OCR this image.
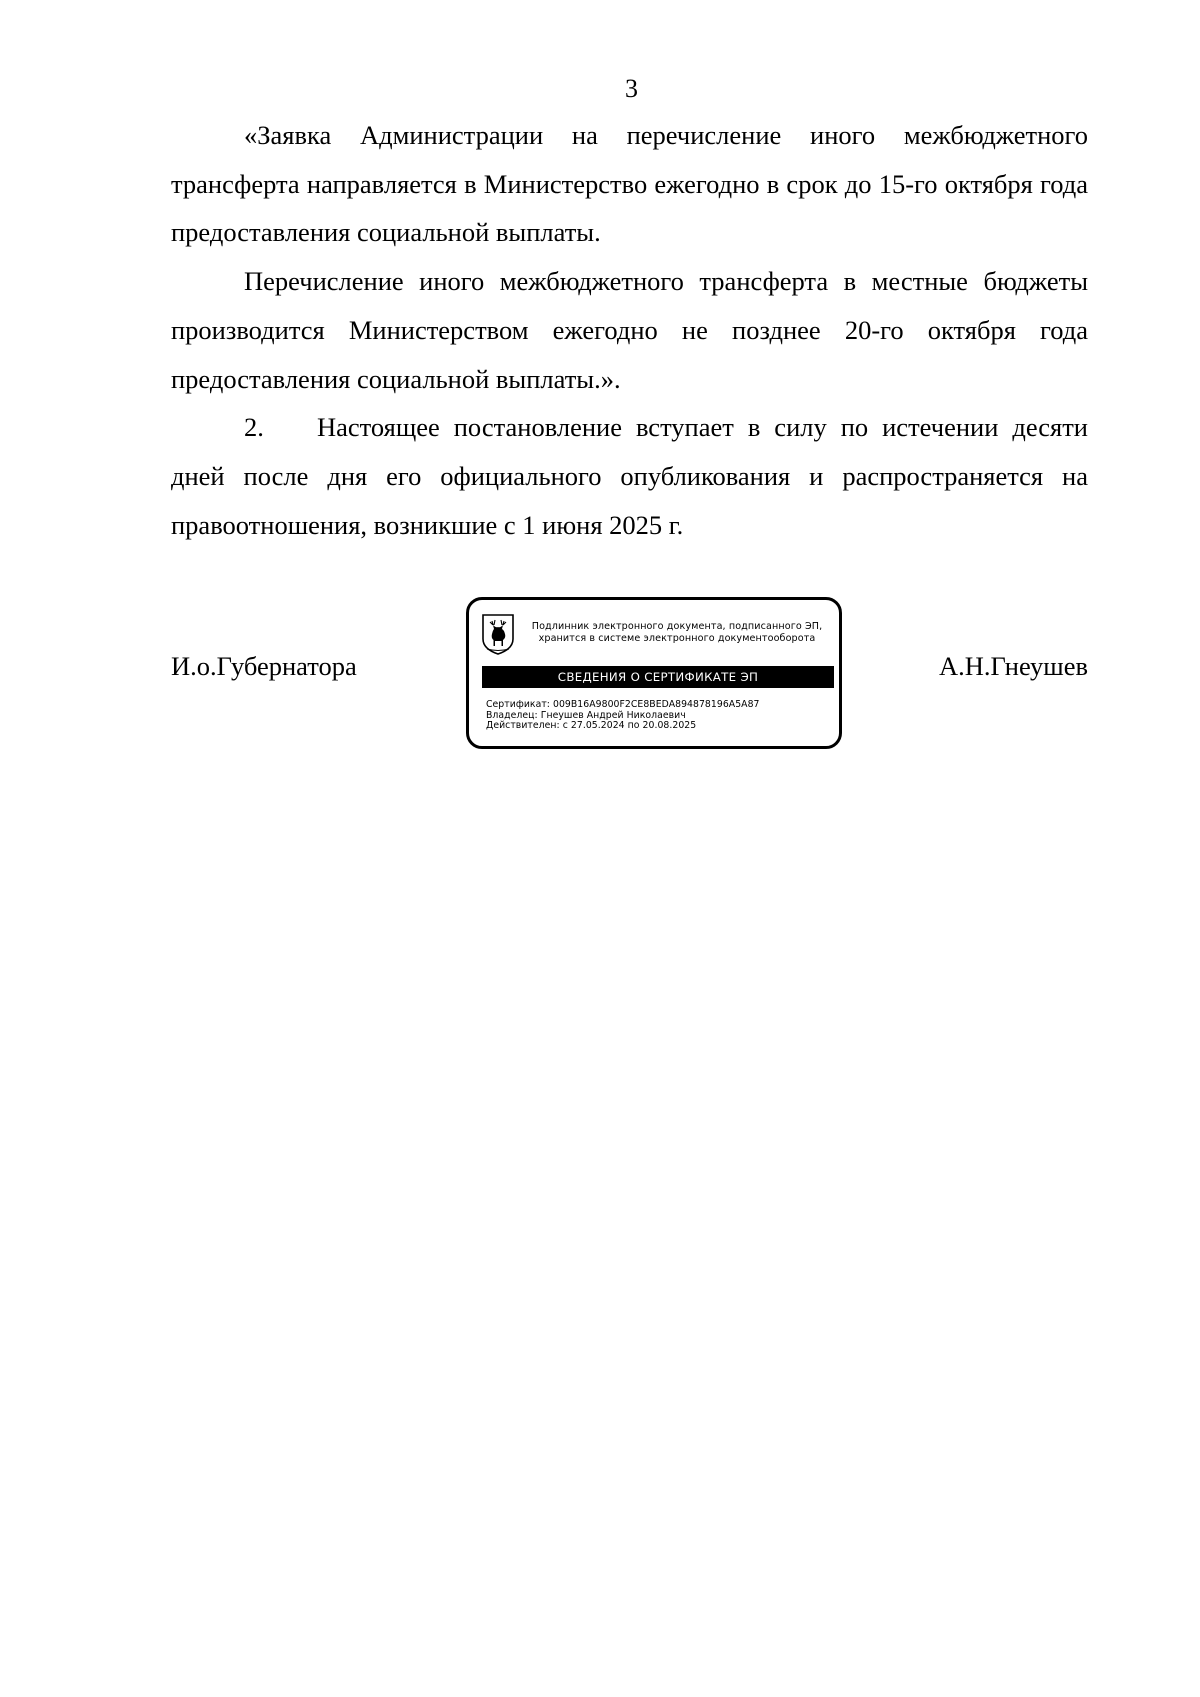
3

«Заявка Администрации на перечисление иного межбюджетного трансферта направляется в Министерство ежегодно в срок до 15-го октября года предоставления социальной выплаты.

Перечисление иного межбюджетного трансферта в местные бюджеты производится Министерством ежегодно не позднее 20-го октября года предоставления социальной выплаты.».

2. Настоящее постановление вступает в силу по истечении десяти дней после дня его официального опубликования и распространяется на правоотношения, возникшие с 1 июня 2025 г.

И.о.Губернатора
Подлинник электронного документа, подписанного ЭП,
хранится в системе электронного документооборота
СВЕДЕНИЯ О СЕРТИФИКАТЕ ЭП
Сертификат: 009B16A9800F2CE8BEDA894878196A5A87
Владелец: Гнеушев Андрей Николаевич
Действителен: с 27.05.2024 по 20.08.2025
А.Н.Гнеушев
